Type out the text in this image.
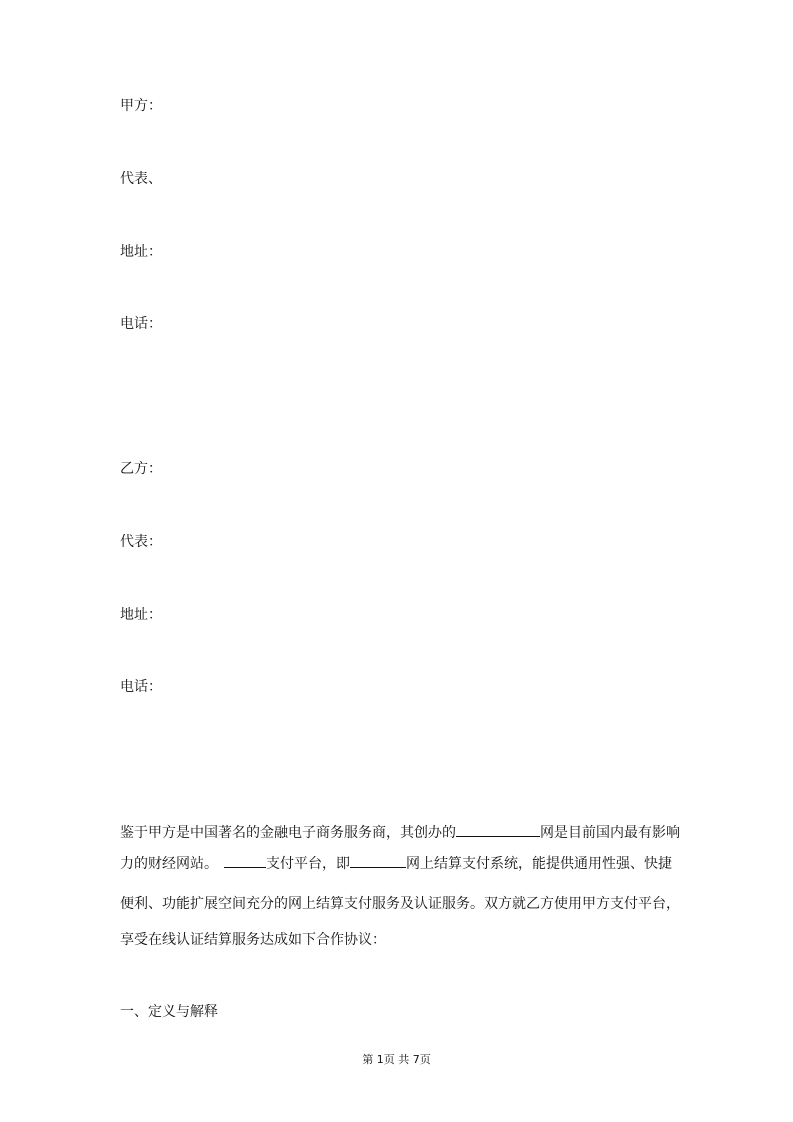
甲方：
代表、
地址：
电话：
乙方：
代表：
地址：
电话：
鉴于甲方是中国著名的金融电子商务服务商，其创办的	网是目前国内最有影响
力的财经网站。	支付平台，即	网上结算支付系统，能提供通用性强、快捷
便利、功能扩展空间充分的网上结算支付服务及认证服务。双方就乙方使用甲方支付平台，
享受在线认证结算服务达成如下合作协议：
一、定义与解释
第 1页 共 7页
